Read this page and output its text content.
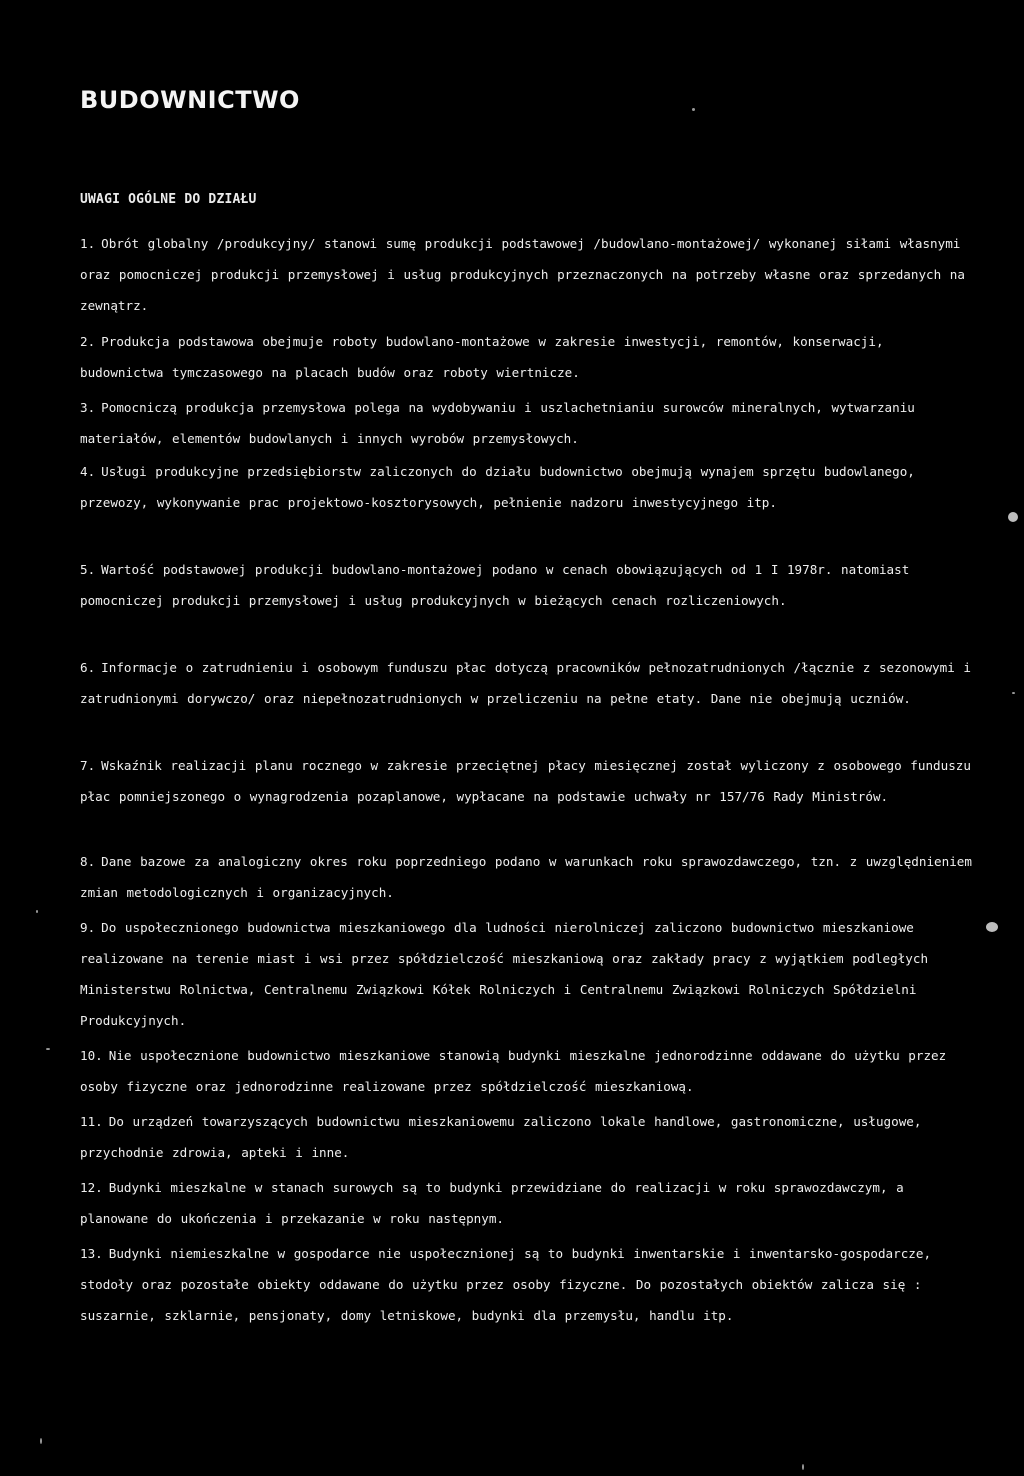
BUDOWNICTWO
UWAGI OGÓLNE DO DZIAŁU
1. Obrót globalny /produkcyjny/ stanowi sumę produkcji podstawowej /budowlano-montażowej/ wykonanej siłami własnymi oraz pomocniczej produkcji przemysłowej i usług produkcyjnych przeznaczonych na potrzeby własne oraz sprzedanych na zewnątrz.
2. Produkcja podstawowa obejmuje roboty budowlano-montażowe w zakresie inwestycji, remontów, konserwacji, budownictwa tymczasowego na placach budów oraz roboty wiertnicze.
3. Pomocniczą produkcja przemysłowa polega na wydobywaniu i uszlachetnianiu surowców mineralnych, wytwarzaniu materiałów, elementów budowlanych i innych wyrobów przemysłowych.
4. Usługi produkcyjne przedsiębiorstw zaliczonych do działu budownictwo obejmują wynajem sprzętu budowlanego, przewozy, wykonywanie prac projektowo-kosztorysowych, pełnienie nadzoru inwestycyjnego itp.
5. Wartość podstawowej produkcji budowlano-montażowej podano w cenach obowiązujących od 1 I 1978r. natomiast pomocniczej produkcji przemysłowej i usług produkcyjnych w bieżących cenach rozliczeniowych.
6. Informacje o zatrudnieniu i osobowym funduszu płac dotyczą pracowników pełnozatrudnionych /łącznie z sezonowymi i zatrudnionymi dorywczo/ oraz niepełnozatrudnionych w przeliczeniu na pełne etaty. Dane nie obejmują uczniów.
7. Wskaźnik realizacji planu rocznego w zakresie przeciętnej płacy miesięcznej został wyliczony z osobowego funduszu płac pomniejszonego o wynagrodzenia pozaplanowe, wypłacane na podstawie uchwały nr 157/76 Rady Ministrów.
8. Dane bazowe za analogiczny okres roku poprzedniego podano w warunkach roku sprawozdawczego, tzn. z uwzględnieniem zmian metodologicznych i organizacyjnych.
9. Do uspołecznionego budownictwa mieszkaniowego dla ludności nierolniczej zaliczono budownictwo mieszkaniowe realizowane na terenie miast i wsi przez spółdzielczość mieszkaniową oraz zakłady pracy z wyjątkiem podległych Ministerstwu Rolnictwa, Centralnemu Związkowi Kółek Rolniczych i Centralnemu Związkowi Rolniczych Spółdzielni Produkcyjnych.
10. Nie uspołecznione budownictwo mieszkaniowe stanowią budynki mieszkalne jednorodzinne oddawane do użytku przez osoby fizyczne oraz jednorodzinne realizowane przez spółdzielczość mieszkaniową.
11. Do urządzeń towarzyszących budownictwu mieszkaniowemu zaliczono lokale handlowe, gastronomiczne, usługowe, przychodnie zdrowia, apteki i inne.
12. Budynki mieszkalne w stanach surowych są to budynki przewidziane do realizacji w roku sprawozdawczym, a planowane do ukończenia i przekazanie w roku następnym.
13. Budynki niemieszkalne w gospodarce nie uspołecznionej są to budynki inwentarskie i inwentarsko-gospodarcze, stodoły oraz pozostałe obiekty oddawane do użytku przez osoby fizyczne. Do pozostałych obiektów zalicza się : suszarnie, szklarnie, pensjonaty, domy letniskowe, budynki dla przemysłu, handlu itp.
